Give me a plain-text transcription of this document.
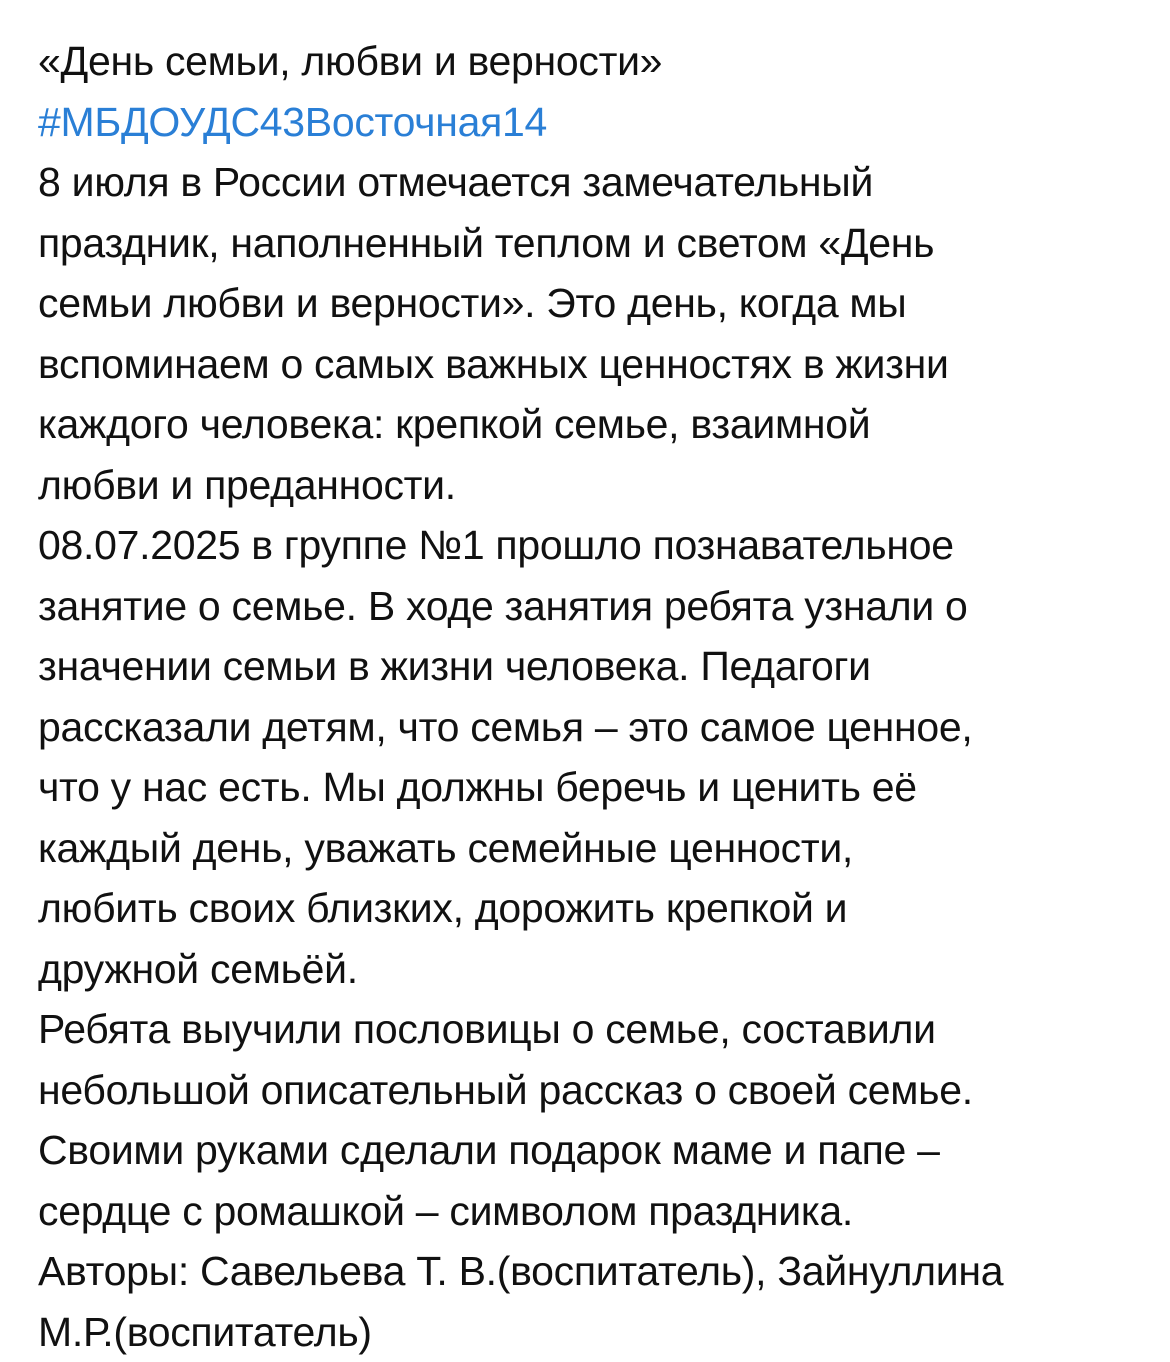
«День семьи, любви и верности»
#МБДОУДС43Восточная14
8 июля в России отмечается замечательный
праздник, наполненный теплом и светом «День
семьи любви и верности». Это день, когда мы
вспоминаем о самых важных ценностях в жизни
каждого человека: крепкой семье, взаимной
любви и преданности.
08.07.2025 в группе №1 прошло познавательное
занятие о семье. В ходе занятия ребята узнали о
значении семьи в жизни человека. Педагоги
рассказали детям, что семья – это самое ценное,
что у нас есть. Мы должны беречь и ценить её
каждый день, уважать семейные ценности,
любить своих близких, дорожить крепкой и
дружной семьёй.
Ребята выучили пословицы о семье, составили
небольшой описательный рассказ о своей семье.
Своими руками сделали подарок маме и папе –
сердце с ромашкой – символом праздника.
Авторы: Савельева Т. В.(воспитатель), Зайнуллина
М.Р.(воспитатель)
